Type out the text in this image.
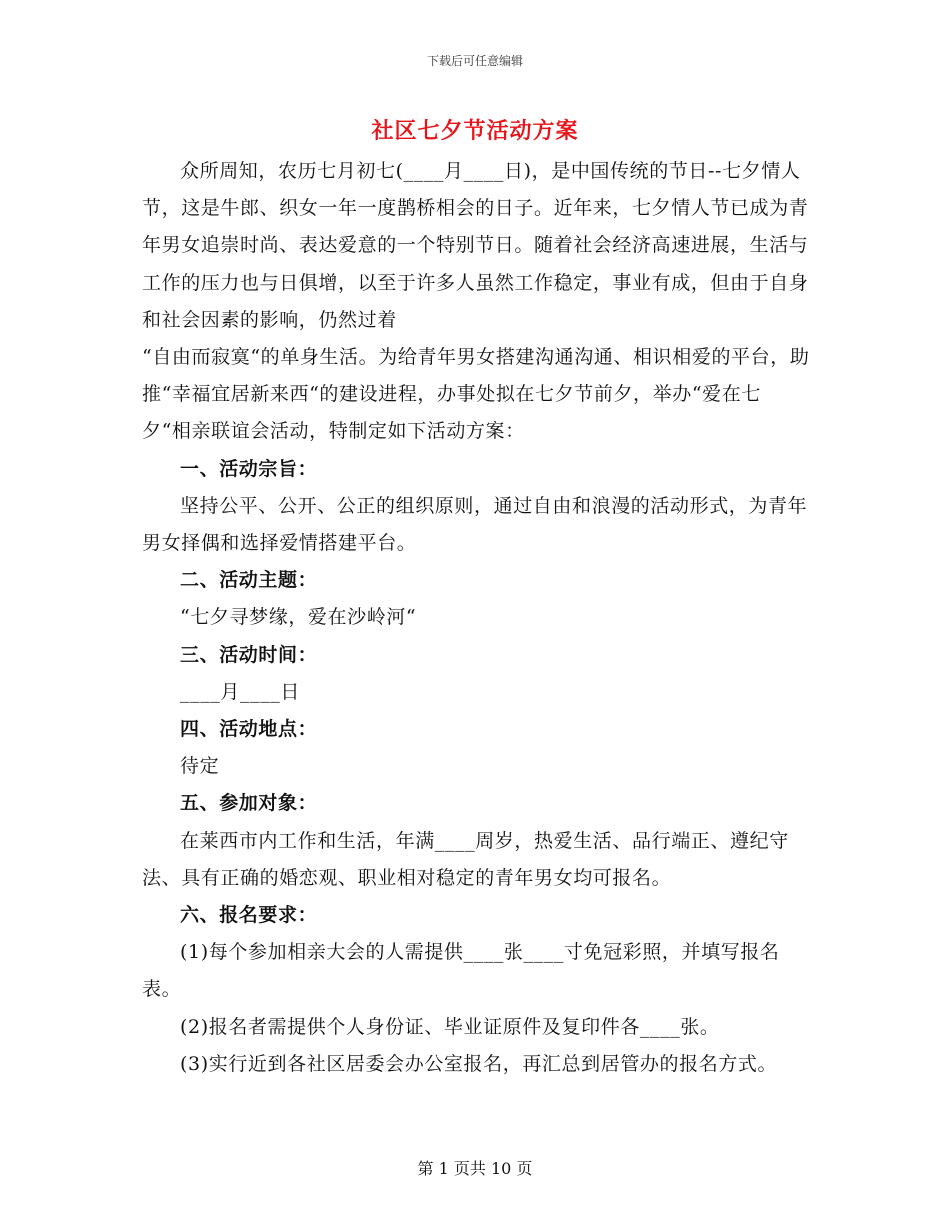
下载后可任意编辑
社区七夕节活动方案

众所周知，农历七月初七(____月____日)，是中国传统的节日--七夕情人节，这是牛郎、织女一年一度鹊桥相会的日子。近年来，七夕情人节已成为青年男女追崇时尚、表达爱意的一个特别节日。随着社会经济高速进展，生活与工作的压力也与日俱增，以至于许多人虽然工作稳定，事业有成，但由于自身和社会因素的影响，仍然过着
“自由而寂寞“的单身生活。为给青年男女搭建沟通沟通、相识相爱的平台，助推“幸福宜居新来西“的建设进程，办事处拟在七夕节前夕，举办“爱在七夕“相亲联谊会活动，特制定如下活动方案：

一、活动宗旨：

坚持公平、公开、公正的组织原则，通过自由和浪漫的活动形式，为青年男女择偶和选择爱情搭建平台。

二、活动主题：

“七夕寻梦缘，爱在沙岭河“

三、活动时间：

____月____日

四、活动地点：

待定

五、参加对象：

在莱西市内工作和生活，年满____周岁，热爱生活、品行端正、遵纪守法、具有正确的婚恋观、职业相对稳定的青年男女均可报名。

六、报名要求：

(1)每个参加相亲大会的人需提供____张____寸免冠彩照，并填写报名表。

(2)报名者需提供个人身份证、毕业证原件及复印件各____张。

(3)实行近到各社区居委会办公室报名，再汇总到居管办的报名方式。

第 1 页共 10 页
